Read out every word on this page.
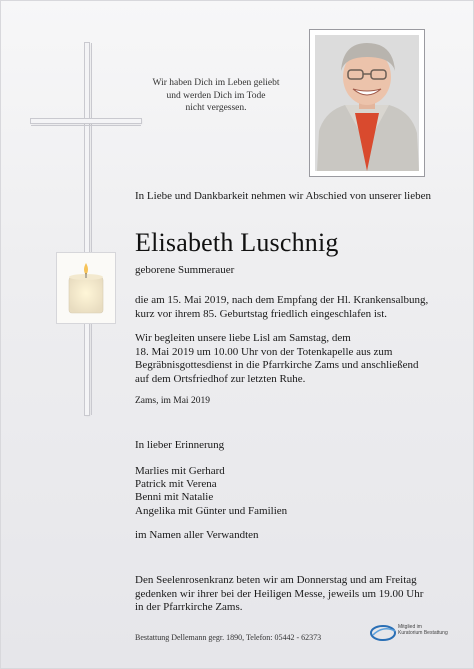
Wir haben Dich im Leben geliebt
und werden Dich im Tode
nicht vergessen.
In Liebe und Dankbarkeit nehmen wir Abschied von unserer lieben
Elisabeth Luschnig
geborene Summerauer
die am 15. Mai 2019, nach dem Empfang der Hl. Krankensalbung,
kurz vor ihrem 85. Geburtstag friedlich eingeschlafen ist.
Wir begleiten unsere liebe Lisl am Samstag, dem
18. Mai 2019 um 10.00 Uhr von der Totenkapelle aus zum
Begräbnisgottesdienst in die Pfarrkirche Zams und anschließend
auf dem Ortsfriedhof zur letzten Ruhe.
Zams, im Mai 2019
In lieber Erinnerung
Marlies mit Gerhard
Patrick mit Verena
Benni mit Natalie
Angelika mit Günter und Familien
im Namen aller Verwandten
Den Seelenrosenkranz beten wir am Donnerstag und am Freitag
gedenken wir ihrer bei der Heiligen Messe, jeweils um 19.00 Uhr
in der Pfarrkirche Zams.
Bestattung Dellemann gegr. 1890, Telefon: 05442 - 62373
Mitglied im
Kuratorium Bestattung
